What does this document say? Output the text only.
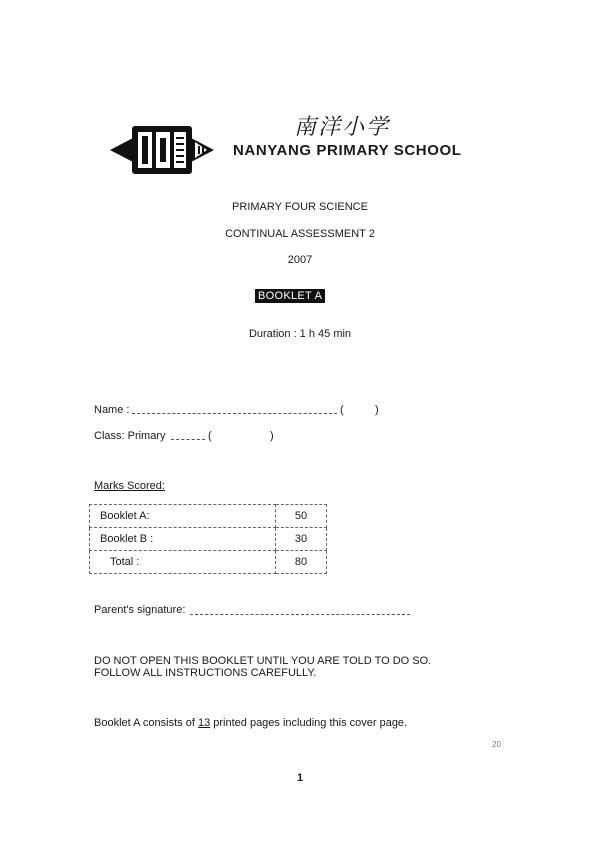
南洋小学
NANYANG PRIMARY SCHOOL
PRIMARY FOUR SCIENCE
CONTINUAL ASSESSMENT 2
2007
BOOKLET A
Duration : 1 h 45 min
Name :	(	)
Class: Primary	(	)
Marks Scored:
Booklet A:	50
Booklet B :	30
Total :	80
Parent's signature:
DO NOT OPEN THIS BOOKLET UNTIL YOU ARE TOLD TO DO SO.
FOLLOW ALL INSTRUCTIONS CAREFULLY.
Booklet A consists of 13 printed pages including this cover page.
20
1
